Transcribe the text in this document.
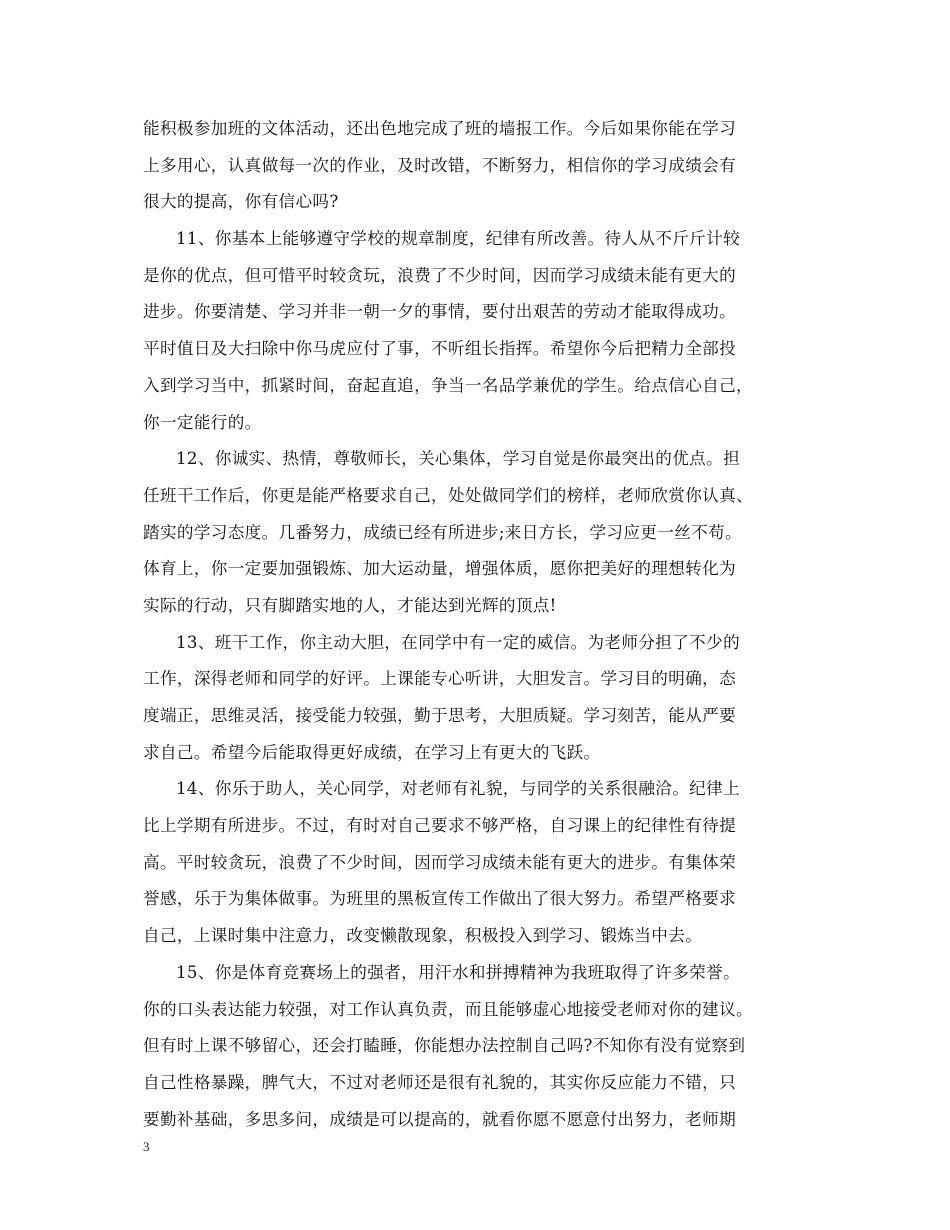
能积极参加班的文体活动，还出色地完成了班的墙报工作。今后如果你能在学习
上多用心，认真做每一次的作业，及时改错，不断努力，相信你的学习成绩会有
很大的提高，你有信心吗?
11、你基本上能够遵守学校的规章制度，纪律有所改善。待人从不斤斤计较
是你的优点，但可惜平时较贪玩，浪费了不少时间，因而学习成绩未能有更大的
进步。你要清楚、学习并非一朝一夕的事情，要付出艰苦的劳动才能取得成功。
平时值日及大扫除中你马虎应付了事，不听组长指挥。希望你今后把精力全部投
入到学习当中，抓紧时间，奋起直追，争当一名品学兼优的学生。给点信心自己，
你一定能行的。
12、你诚实、热情，尊敬师长，关心集体，学习自觉是你最突出的优点。担
任班干工作后，你更是能严格要求自己，处处做同学们的榜样，老师欣赏你认真、
踏实的学习态度。几番努力，成绩已经有所进步;来日方长，学习应更一丝不苟。
体育上，你一定要加强锻炼、加大运动量，增强体质，愿你把美好的理想转化为
实际的行动，只有脚踏实地的人，才能达到光辉的顶点!
13、班干工作，你主动大胆，在同学中有一定的威信。为老师分担了不少的
工作，深得老师和同学的好评。上课能专心听讲，大胆发言。学习目的明确，态
度端正，思维灵活，接受能力较强，勤于思考，大胆质疑。学习刻苦，能从严要
求自己。希望今后能取得更好成绩，在学习上有更大的飞跃。
14、你乐于助人，关心同学，对老师有礼貌，与同学的关系很融洽。纪律上
比上学期有所进步。不过，有时对自己要求不够严格，自习课上的纪律性有待提
高。平时较贪玩，浪费了不少时间，因而学习成绩未能有更大的进步。有集体荣
誉感，乐于为集体做事。为班里的黑板宣传工作做出了很大努力。希望严格要求
自己，上课时集中注意力，改变懒散现象，积极投入到学习、锻炼当中去。
15、你是体育竞赛场上的强者，用汗水和拼搏精神为我班取得了许多荣誉。
你的口头表达能力较强，对工作认真负责，而且能够虚心地接受老师对你的建议。
但有时上课不够留心，还会打瞌睡，你能想办法控制自己吗?不知你有没有觉察到
自己性格暴躁，脾气大，不过对老师还是很有礼貌的，其实你反应能力不错，只
要勤补基础，多思多问，成绩是可以提高的，就看你愿不愿意付出努力，老师期
3
